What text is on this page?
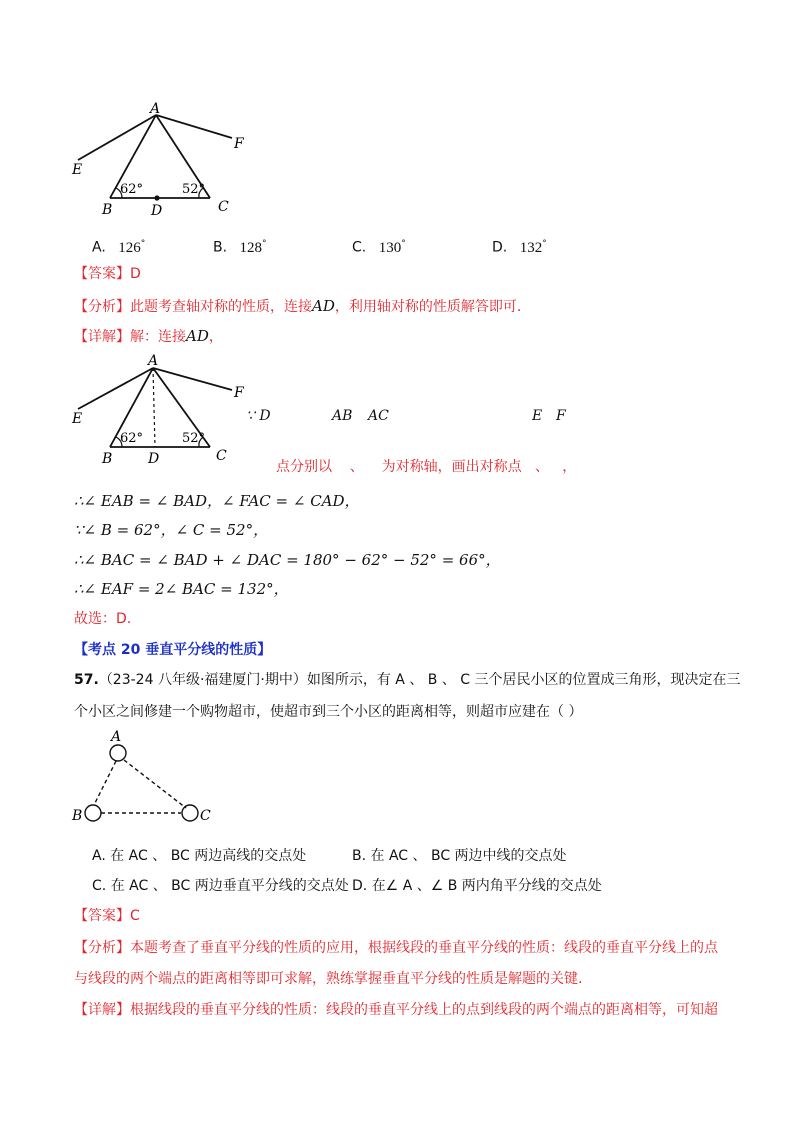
A
B	C
D
E
F
62°	52°
A. 126°	B. 128°	C. 130°	D. 132°
【答案】D
【分析】此题考查轴对称的性质，连接AD，利用轴对称的性质解答即可.
【详解】解：连接AD，
A
B	C
D
E
F
62°	52°
∵ D	AB AC	E F
点分别以    、    为对称轴，画出对称点   、   ，
∴∠ EAB = ∠ BAD，∠ FAC = ∠ CAD，
∵∠ B = 62°，∠ C = 52°，
∴∠ BAC = ∠ BAD + ∠ DAC = 180° − 62° − 52° = 66°，
∴∠ EAF = 2∠ BAC = 132°，
故选：D.
【考点 20 垂直平分线的性质】
57.（23-24 八年级·福建厦门·期中）如图所示，有 A 、 B 、 C 三个居民小区的位置成三角形，现决定在三
个小区之间修建一个购物超市，使超市到三个小区的距离相等，则超市应建在（ ）
A
B	C
A. 在 AC 、 BC 两边高线的交点处	B. 在 AC 、 BC 两边中线的交点处
C. 在 AC 、 BC 两边垂直平分线的交点处 D. 在∠ A 、∠ B 两内角平分线的交点处
【答案】C
【分析】本题考查了垂直平分线的性质的应用，根据线段的垂直平分线的性质：线段的垂直平分线上的点
与线段的两个端点的距离相等即可求解，熟练掌握垂直平分线的性质是解题的关键.
【详解】根据线段的垂直平分线的性质：线段的垂直平分线上的点到线段的两个端点的距离相等，可知超
